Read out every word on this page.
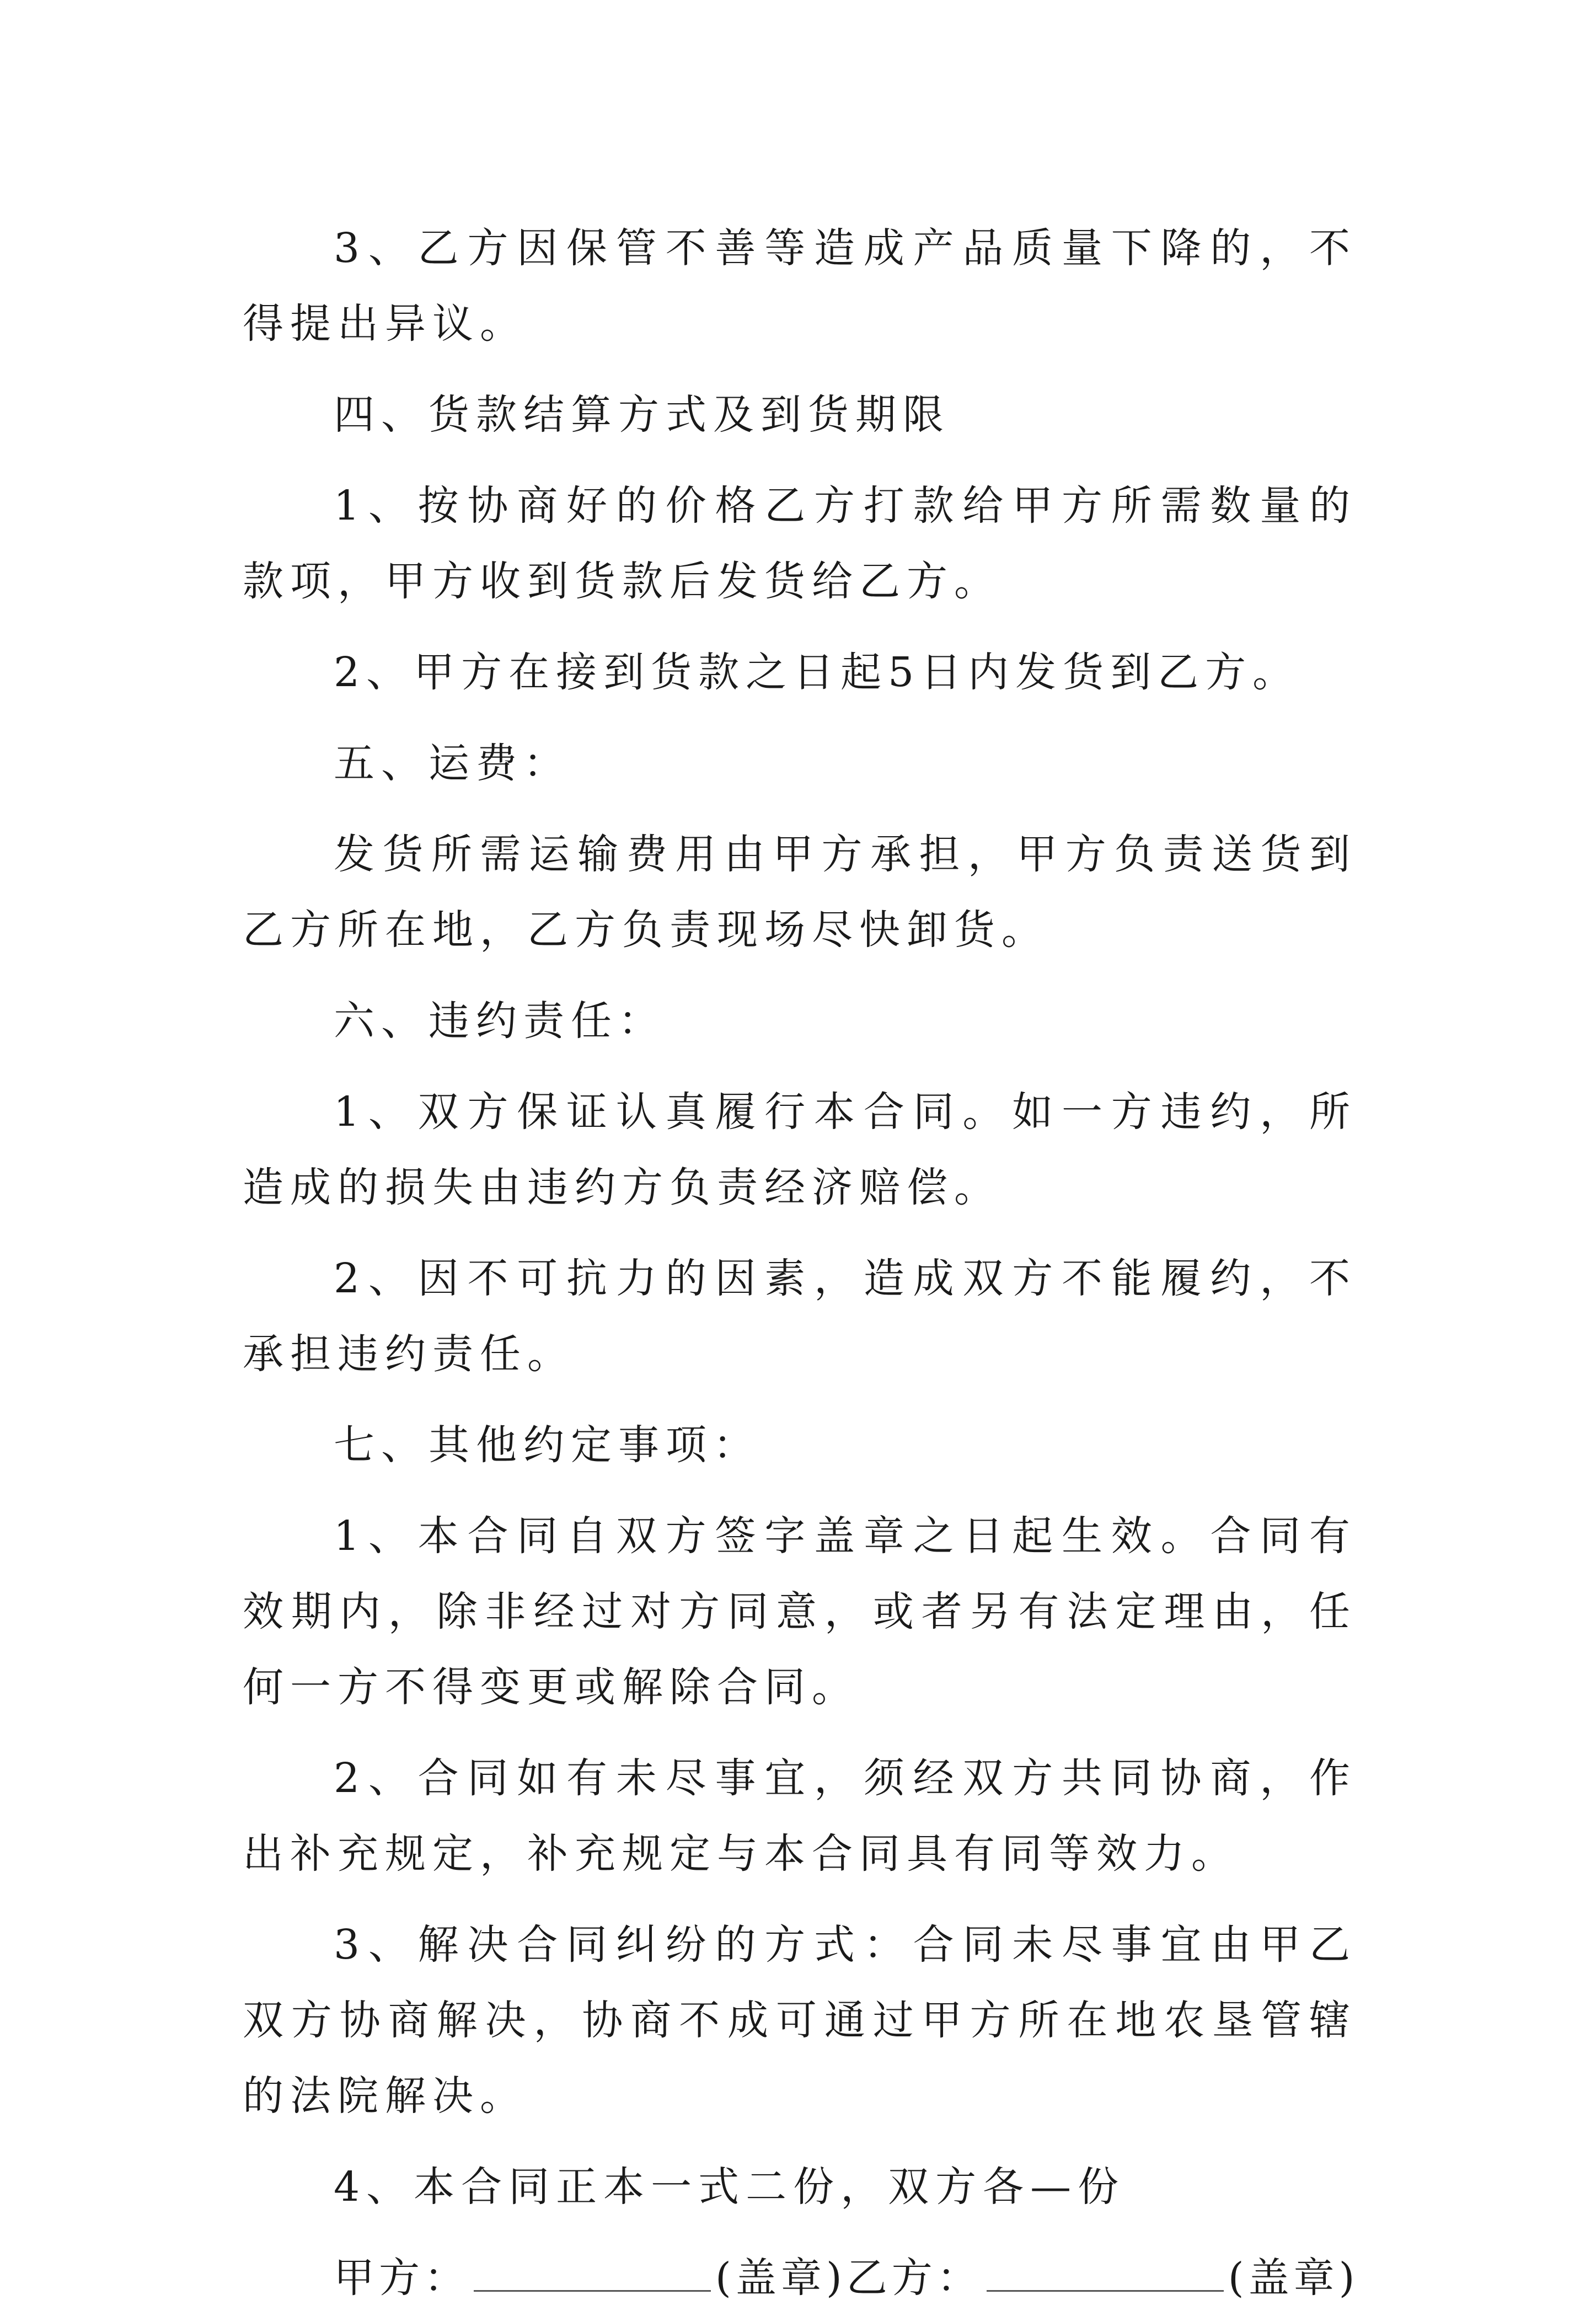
3、乙方因保管不善等造成产品质量下降的，不得提出异议。

四、货款结算方式及到货期限

1、按协商好的价格乙方打款给甲方所需数量的款项，甲方收到货款后发货给乙方。

2、甲方在接到货款之日起5日内发货到乙方。

五、运费：

发货所需运输费用由甲方承担，甲方负责送货到乙方所在地，乙方负责现场尽快卸货。

六、违约责任：

1、双方保证认真履行本合同。如一方违约，所造成的损失由违约方负责经济赔偿。

2、因不可抗力的因素，造成双方不能履约，不承担违约责任。

七、其他约定事项：

1、本合同自双方签字盖章之日起生效。合同有效期内，除非经过对方同意，或者另有法定理由，任何一方不得变更或解除合同。

2、合同如有未尽事宜，须经双方共同协商，作出补充规定，补充规定与本合同具有同等效力。

3、解决合同纠纷的方式：合同未尽事宜由甲乙双方协商解决，协商不成可通过甲方所在地农垦管辖的法院解决。

4、本合同正本一式二份，双方各—份

甲方：	(盖章)乙方：	(盖章)
